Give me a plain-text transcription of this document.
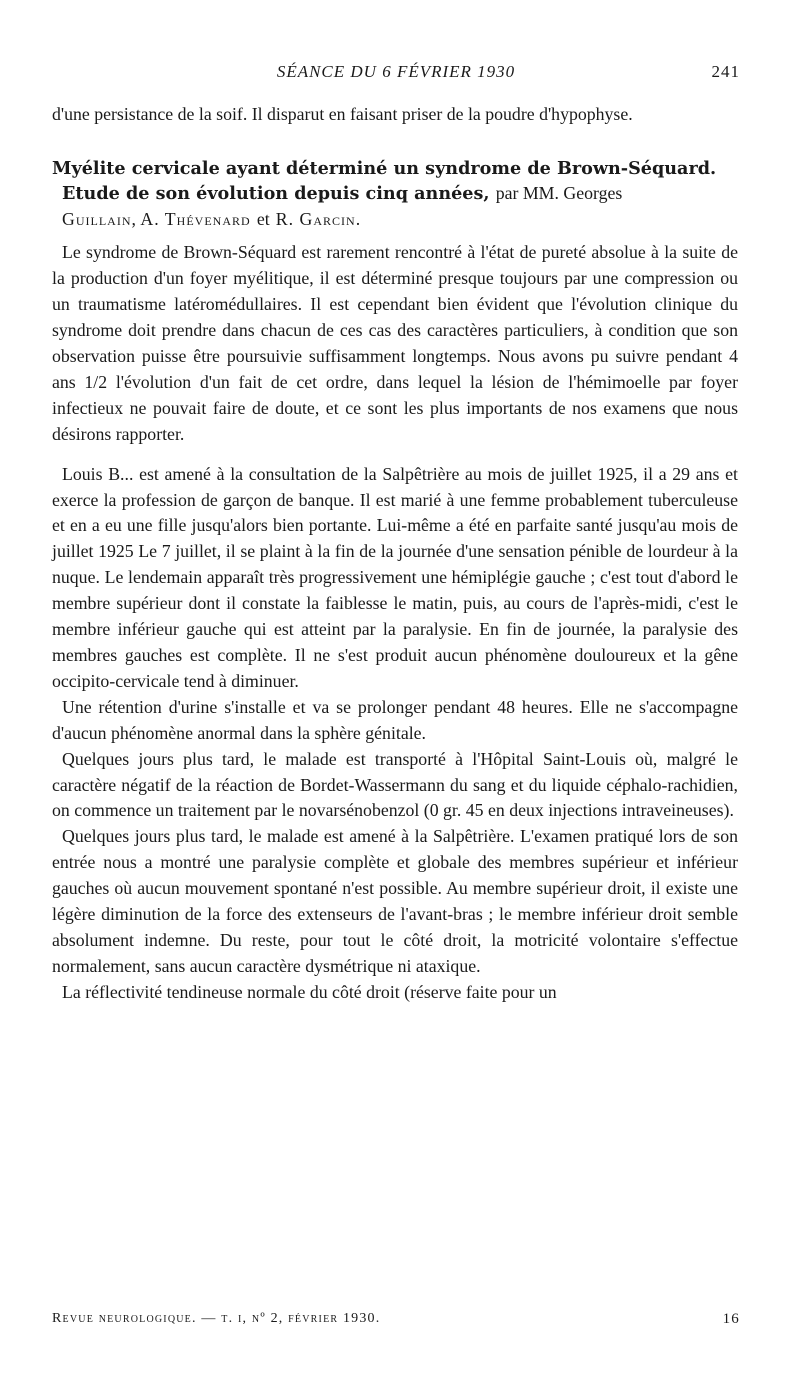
SÉANCE DU 6 FÉVRIER 1930	241

d'une persistance de la soif. Il disparut en faisant priser de la poudre d'hypophyse.

Myélite cervicale ayant déterminé un syndrome de Brown-Séquard.
Etude de son évolution depuis cinq années, par MM. Georges
Guillain, A. Thévenard et R. Garcin.

Le syndrome de Brown-Séquard est rarement rencontré à l'état de pureté absolue à la suite de la production d'un foyer myélitique, il est déterminé presque toujours par une compression ou un traumatisme latéromédullaires. Il est cependant bien évident que l'évolution clinique du syndrome doit prendre dans chacun de ces cas des caractères particuliers, à condition que son observation puisse être poursuivie suffisamment longtemps. Nous avons pu suivre pendant 4 ans 1/2 l'évolution d'un fait de cet ordre, dans lequel la lésion de l'hémimoelle par foyer infectieux ne pouvait faire de doute, et ce sont les plus importants de nos examens que nous désirons rapporter.

Louis B... est amené à la consultation de la Salpêtrière au mois de juillet 1925, il a 29 ans et exerce la profession de garçon de banque. Il est marié à une femme probablement tuberculeuse et en a eu une fille jusqu'alors bien portante. Lui-même a été en parfaite santé jusqu'au mois de juillet 1925 Le 7 juillet, il se plaint à la fin de la journée d'une sensation pénible de lourdeur à la nuque. Le lendemain apparaît très progressivement une hémiplégie gauche ; c'est tout d'abord le membre supérieur dont il constate la faiblesse le matin, puis, au cours de l'après-midi, c'est le membre inférieur gauche qui est atteint par la paralysie. En fin de journée, la paralysie des membres gauches est complète. Il ne s'est produit aucun phénomène douloureux et la gêne occipito-cervicale tend à diminuer.

Une rétention d'urine s'installe et va se prolonger pendant 48 heures. Elle ne s'accompagne d'aucun phénomène anormal dans la sphère génitale.

Quelques jours plus tard, le malade est transporté à l'Hôpital Saint-Louis où, malgré le caractère négatif de la réaction de Bordet-Wassermann du sang et du liquide céphalo-rachidien, on commence un traitement par le novarsénobenzol (0 gr. 45 en deux injections intraveineuses).

Quelques jours plus tard, le malade est amené à la Salpêtrière. L'examen pratiqué lors de son entrée nous a montré une paralysie complète et globale des membres supérieur et inférieur gauches où aucun mouvement spontané n'est possible. Au membre supérieur droit, il existe une légère diminution de la force des extenseurs de l'avant-bras ; le membre inférieur droit semble absolument indemne. Du reste, pour tout le côté droit, la motricité volontaire s'effectue normalement, sans aucun caractère dysmétrique ni ataxique.

La réflectivité tendineuse normale du côté droit (réserve faite pour un

Revue neurologique. — t. i, nº 2, février 1930.	16
